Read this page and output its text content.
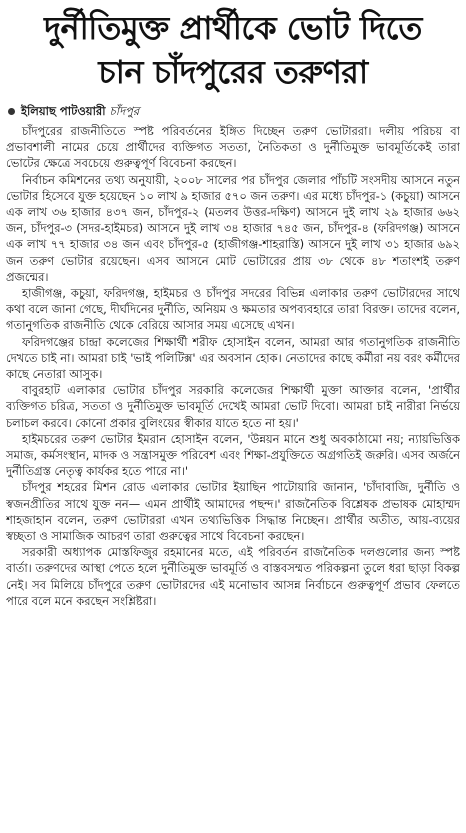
দুর্নীতিমুক্ত প্রার্থীকে ভোট দিতে
চান চাঁদপুরের তরুণরা
ইলিয়াছ পাটওয়ারী চাঁদপুর

চাঁদপুরের রাজনীতিতে স্পষ্ট পরিবর্তনের ইঙ্গিত দিচ্ছেন তরুণ ভোটাররা। দলীয় পরিচয় বা প্রভাবশালী নামের চেয়ে প্রার্থীদের ব্যক্তিগত সততা, নৈতিকতা ও দুর্নীতিমুক্ত ভাবমূর্তিকেই তারা ভোটের ক্ষেত্রে সবচেয়ে গুরুত্বপূর্ণ বিবেচনা করছেন।

নির্বাচন কমিশনের তথ্য অনুযায়ী, ২০০৮ সালের পর চাঁদপুর জেলার পাঁচটি সংসদীয় আসনে নতুন ভোটার হিসেবে যুক্ত হয়েছেন ১০ লাখ ৯ হাজার ৫৭০ জন তরুণ। এর মধ্যে চাঁদপুর-১ (কচুয়া) আসনে এক লাখ ৩৬ হাজার ৪৩৭ জন, চাঁদপুর-২ (মতলব উত্তর-দক্ষিণ) আসনে দুই লাখ ২৯ হাজার ৬৬২ জন, চাঁদপুর-৩ (সদর-হাইমচর) আসনে দুই লাখ ৩৪ হাজার ৭৪৫ জন, চাঁদপুর-৪ (ফরিদগঞ্জ) আসনে এক লাখ ৭৭ হাজার ৩৪ জন এবং চাঁদপুর-৫ (হাজীগঞ্জ-শাহরাস্তি) আসনে দুই লাখ ৩১ হাজার ৬৯২ জন তরুণ ভোটার রয়েছেন। এসব আসনে মোট ভোটারের প্রায় ৩৮ থেকে ৪৮ শতাংশই তরুণ প্রজন্মের।

হাজীগঞ্জ, কচুয়া, ফরিদগঞ্জ, হাইমচর ও চাঁদপুর সদরের বিভিন্ন এলাকার তরুণ ভোটারদের সাথে কথা বলে জানা গেছে, দীর্ঘদিনের দুর্নীতি, অনিয়ম ও ক্ষমতার অপব্যবহারে তারা বিরক্ত। তাদের বলেন, গতানুগতিক রাজনীতি থেকে বেরিয়ে আসার সময় এসেছে এখন।

ফরিদগঞ্জের চান্দ্রা কলেজের শিক্ষার্থী শরীফ হোসাইন বলেন, আমরা আর গতানুগতিক রাজনীতি দেখতে চাই না। আমরা চাই 'ভাই পলিটিক্স' এর অবসান হোক। নেতাদের কাছে কর্মীরা নয় বরং কর্মীদের কাছে নেতারা আসুক।

বাবুরহাট এলাকার ভোটার চাঁদপুর সরকারি কলেজের শিক্ষার্থী মুক্তা আক্তার বলেন, 'প্রার্থীর ব্যক্তিগত চরিত্র, সততা ও দুর্নীতিমুক্ত ভাবমূর্তি দেখেই আমরা ভোট দিবো। আমরা চাই নারীরা নির্ভয়ে চলাচল করবে। কোনো প্রকার বুলিংয়ের স্বীকার যাতে হতে না হয়।'

হাইমচরের তরুণ ভোটার ইমরান হোসাইন বলেন, 'উন্নয়ন মানে শুধু অবকাঠামো নয়; ন্যায়ভিত্তিক সমাজ, কর্মসংস্থান, মাদক ও সন্ত্রাসমুক্ত পরিবেশ এবং শিক্ষা-প্রযুক্তিতে অগ্রগতিই জরুরি। এসব অর্জনে দুর্নীতিগ্রস্ত নেতৃত্ব কার্যকর হতে পারে না।'

চাঁদপুর শহরের মিশন রোড এলাকার ভোটার ইয়াছিন পাটোয়ারি জানান, 'চাঁদাবাজি, দুর্নীতি ও স্বজনপ্রীতির সাথে যুক্ত নন— এমন প্রার্থীই আমাদের পছন্দ।' রাজনৈতিক বিশ্লেষক প্রভাষক মোহাম্মদ শাহজাহান বলেন, তরুণ ভোটাররা এখন তথ্যভিত্তিক সিদ্ধান্ত নিচ্ছেন। প্রার্থীর অতীত, আয়-ব্যয়ের স্বচ্ছতা ও সামাজিক আচরণ তারা গুরুত্বের সাথে বিবেচনা করছেন।

সরকারী অধ্যাপক মোস্তফিজুর রহমানের মতে, এই পরিবর্তন রাজনৈতিক দলগুলোর জন্য স্পষ্ট বার্তা। তরুণদের আস্থা পেতে হলে দুর্নীতিমুক্ত ভাবমূর্তি ও বাস্তবসম্মত পরিকল্পনা তুলে ধরা ছাড়া বিকল্প নেই। সব মিলিয়ে চাঁদপুরে তরুণ ভোটারদের এই মনোভাব আসন্ন নির্বাচনে গুরুত্বপূর্ণ প্রভাব ফেলতে পারে বলে মনে করছেন সংশ্লিষ্টরা।
